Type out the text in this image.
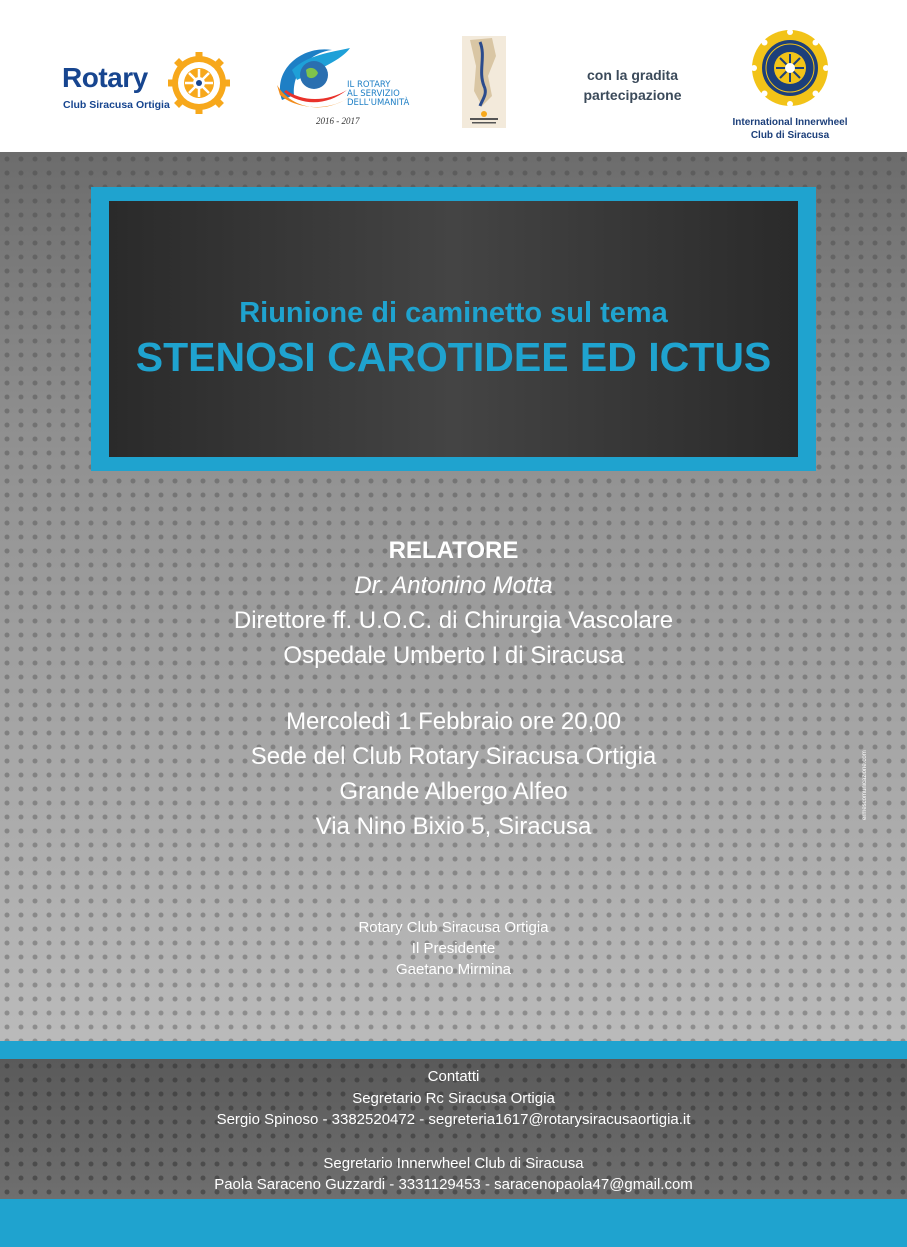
Rotary
Club Siracusa Ortigia
IL ROTARY
AL SERVIZIO
DELL'UMANITÀ
2016 - 2017
con la gradita
partecipazione
International Innerwheel
Club di Siracusa
Riunione di caminetto sul tema
STENOSI CAROTIDEE ED ICTUS
RELATORE
Dr. Antonino Motta
Direttore ff. U.O.C. di Chirurgia Vascolare
Ospedale Umberto I di Siracusa
Mercoledì 1 Febbraio ore 20,00
Sede del Club Rotary Siracusa Ortigia
Grande Albergo Alfeo
Via Nino Bixio 5, Siracusa
Rotary Club Siracusa Ortigia
Il Presidente
Gaetano Mirmina
ermescomunicazione.com
Contatti
Segretario Rc Siracusa Ortigia
Sergio Spinoso - 3382520472 - segreteria1617@rotarysiracusaortigia.it
Segretario Innerwheel Club di Siracusa
Paola Saraceno Guzzardi - 3331129453 - saracenopaola47@gmail.com
